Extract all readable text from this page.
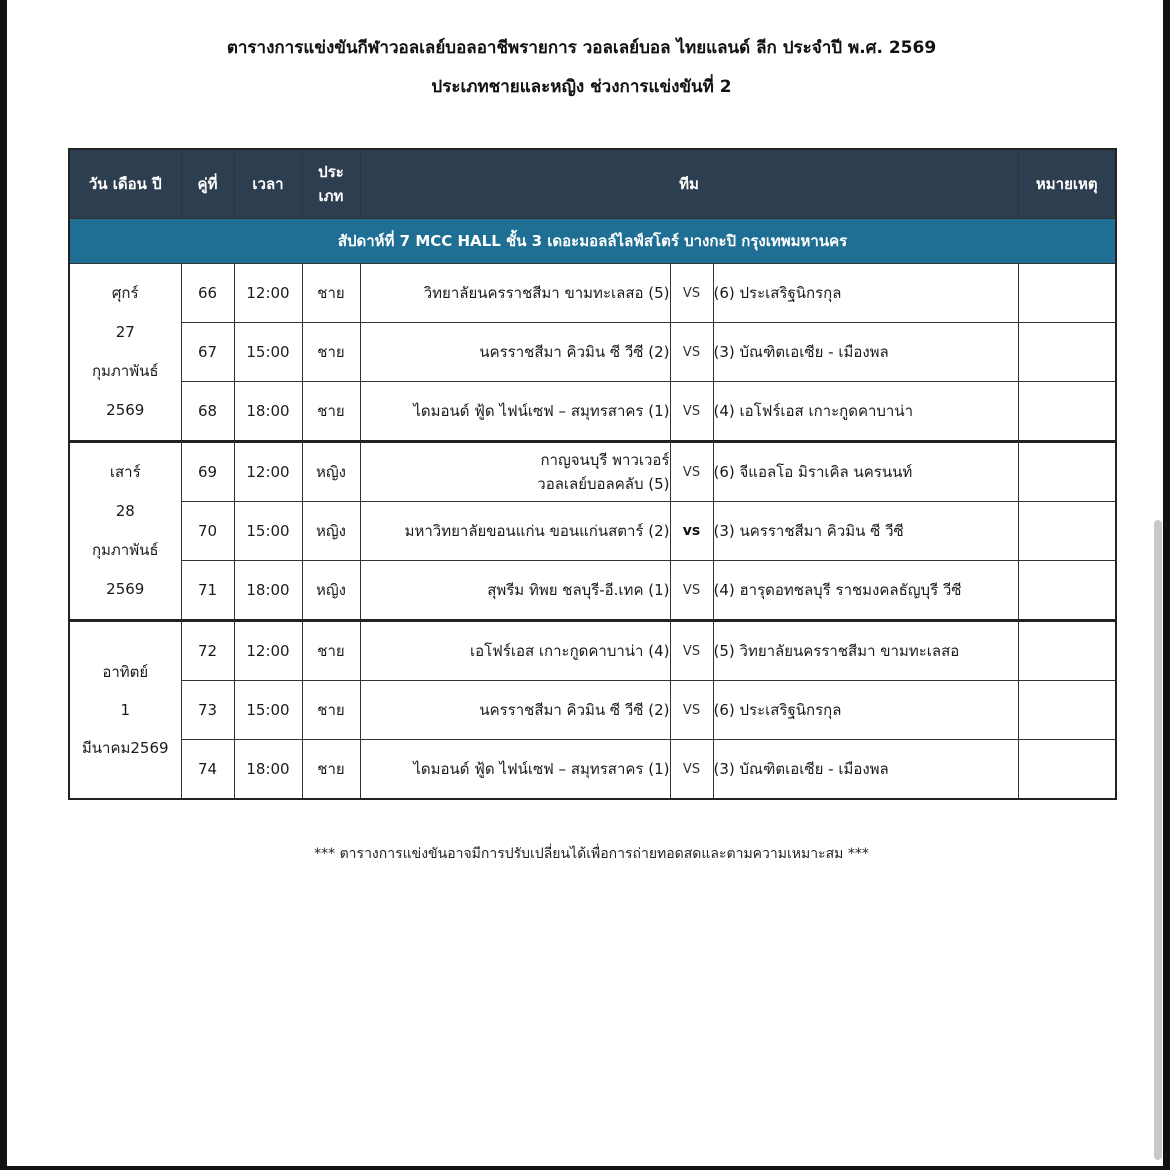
ตารางการแข่งขันกีฬาวอลเลย์บอลอาชีพรายการ วอลเลย์บอล ไทยแลนด์ ลีก ประจำปี พ.ศ. 2569
ประเภทชายและหญิง ช่วงการแข่งขันที่ 2
วัน เดือน ปี	คู่ที่	เวลา	ประ
เภท	ทีม			หมายเหตุ
สัปดาห์ที่ 7 MCC HALL ชั้น 3 เดอะมอลล์ไลฟ์สโตร์ บางกะปิ กรุงเทพมหานคร							
ศุกร์
27
กุมภาพันธ์
2569	66	12:00	ชาย	วิทยาลัยนครราชสีมา ขามทะเลสอ (5)	VS	(6) ประเสริฐนิกรกุล	
	67	15:00	ชาย	นครราชสีมา คิวมิน ซี วีซี (2)	VS	(3) บัณฑิตเอเซีย - เมืองพล	
	68	18:00	ชาย	ไดมอนด์ ฟู้ด ไฟน์เซฟ – สมุทรสาคร (1)	VS	(4) เอโฟร์เอส เกาะกูดคาบาน่า	
เสาร์
28
กุมภาพันธ์
2569	69	12:00	หญิง	กาญจนบุรี พาวเวอร์
วอลเลย์บอลคลับ (5)	VS	(6) จีแอลโอ มิราเคิล นครนนท์	
	70	15:00	หญิง	มหาวิทยาลัยขอนแก่น ขอนแก่นสตาร์ (2)	vs	(3) นครราชสีมา คิวมิน ซี วีซี	
	71	18:00	หญิง	สุพรีม ทิพย ชลบุรี-อี.เทค (1)	VS	(4) ฮารุดอทชลบุรี ราชมงคลธัญบุรี วีซี	
อาทิตย์
1
มีนาคม2569	72	12:00	ชาย	เอโฟร์เอส เกาะกูดคาบาน่า (4)	VS	(5) วิทยาลัยนครราชสีมา ขามทะเลสอ	
	73	15:00	ชาย	นครราชสีมา คิวมิน ซี วีซี (2)	VS	(6) ประเสริฐนิกรกุล	
	74	18:00	ชาย	ไดมอนด์ ฟู้ด ไฟน์เซฟ – สมุทรสาคร (1)	VS	(3) บัณฑิตเอเซีย - เมืองพล	
*** ตารางการแข่งขันอาจมีการปรับเปลี่ยนได้เพื่อการถ่ายทอดสดและตามความเหมาะสม ***
